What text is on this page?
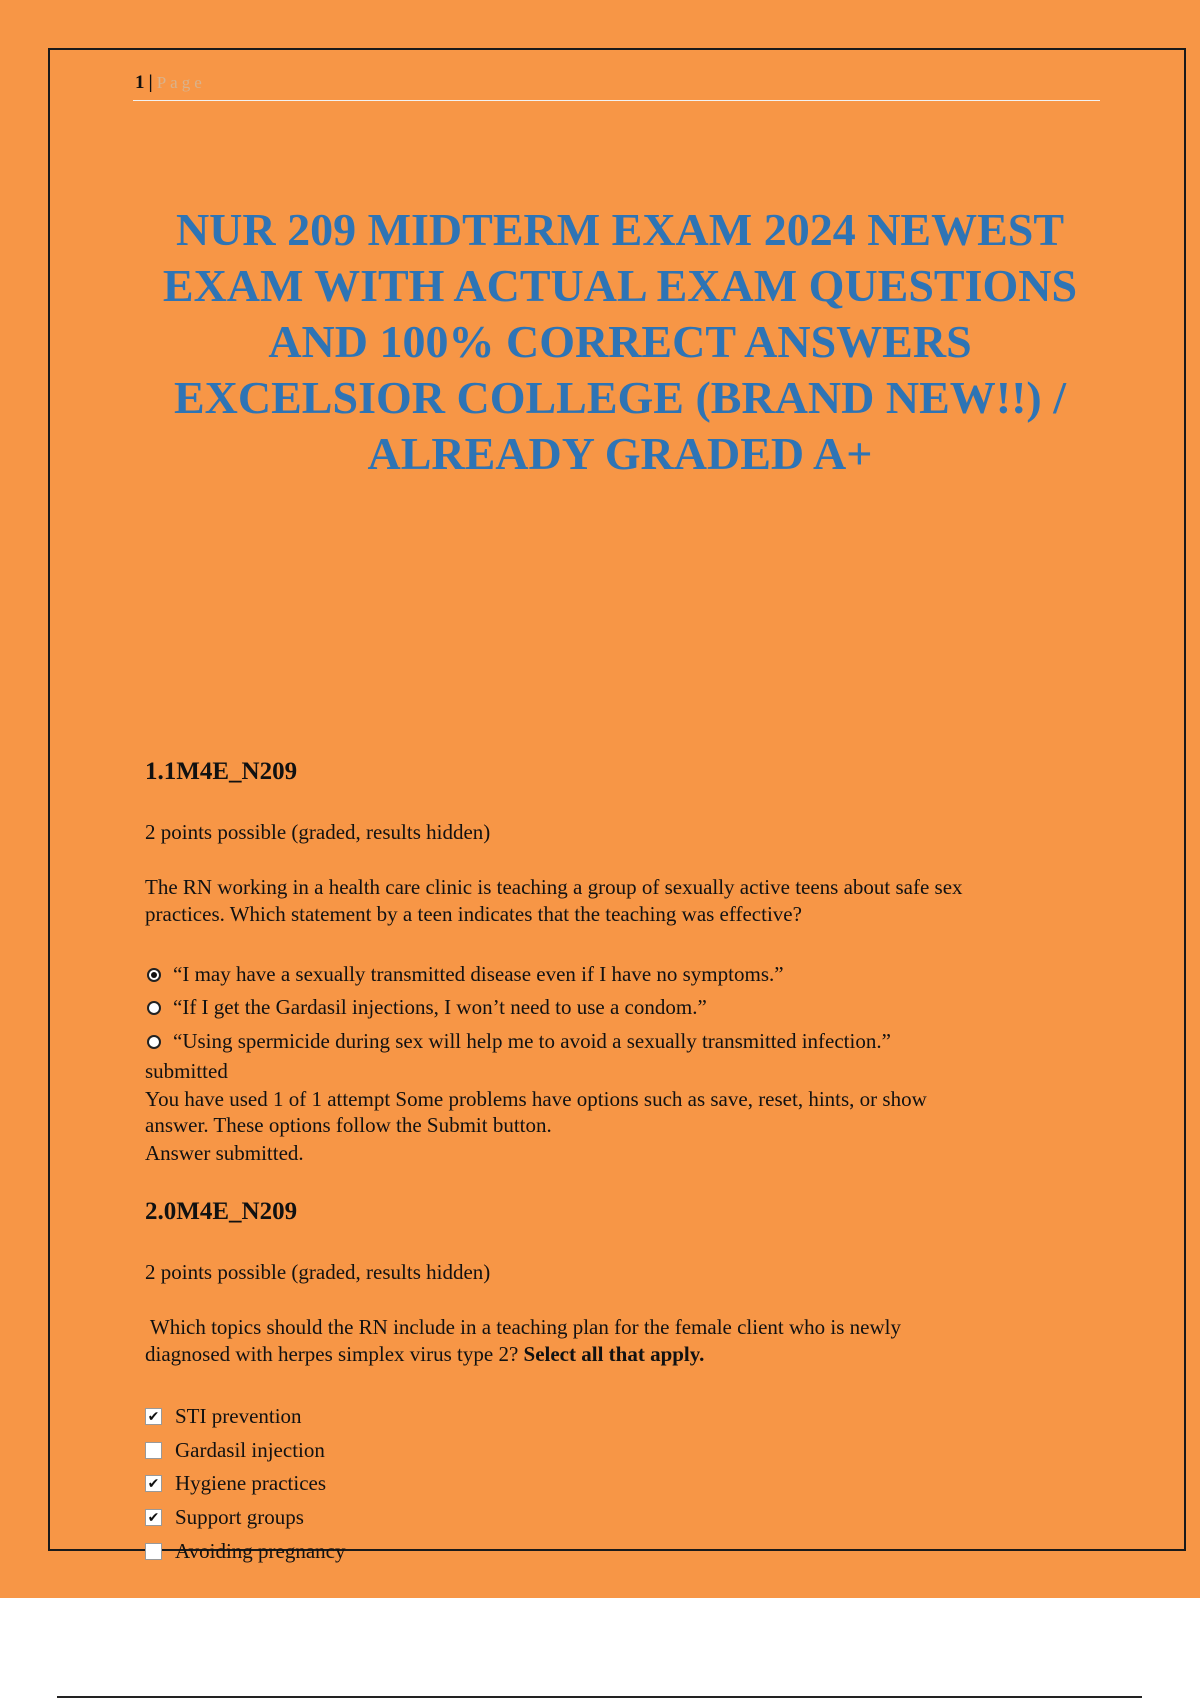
1 | Page
NUR 209 MIDTERM EXAM 2024 NEWEST EXAM WITH ACTUAL EXAM QUESTIONS AND 100% CORRECT ANSWERS EXCELSIOR COLLEGE (BRAND NEW!!) / ALREADY GRADED A+

1.1M4E_N209

2 points possible (graded, results hidden)

The RN working in a health care clinic is teaching a group of sexually active teens about safe sex

practices. Which statement by a teen indicates that the teaching was effective?

“I may have a sexually transmitted disease even if I have no symptoms.”
“If I get the Gardasil injections, I won’t need to use a condom.”
“Using spermicide during sex will help me to avoid a sexually transmitted infection.”
submitted
You have used 1 of 1 attempt Some problems have options such as save, reset, hints, or show
answer. These options follow the Submit button.
Answer submitted.

2.0M4E_N209

2 points possible (graded, results hidden)

Which topics should the RN include in a teaching plan for the female client who is newly

diagnosed with herpes simplex virus type 2? Select all that apply.

✔ STI prevention
Gardasil injection
✔ Hygiene practices
✔ Support groups
Avoiding pregnancy
